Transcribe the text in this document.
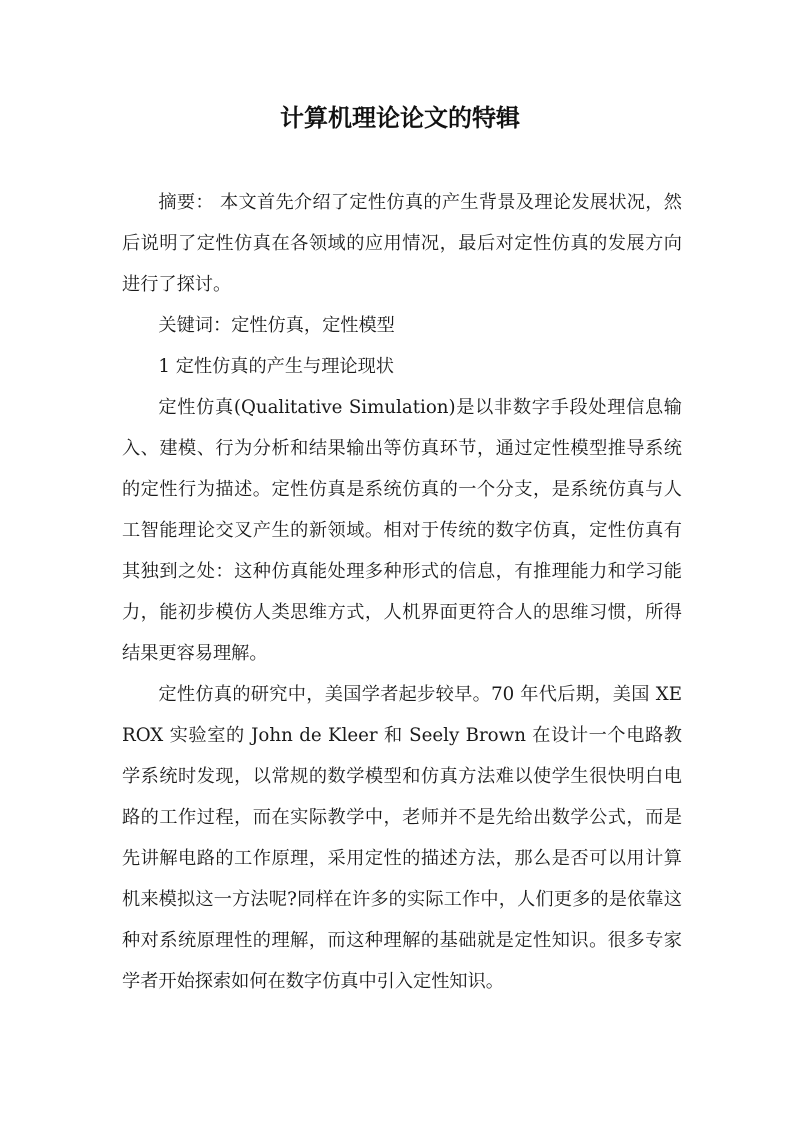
计算机理论论文的特辑

摘要： 本文首先介绍了定性仿真的产生背景及理论发展状况，然后说明了定性仿真在各领域的应用情况，最后对定性仿真的发展方向进行了探讨。

关键词：定性仿真，定性模型

1 定性仿真的产生与理论现状

定性仿真(Qualitative Simulation)是以非数字手段处理信息输入、建模、行为分析和结果输出等仿真环节，通过定性模型推导系统的定性行为描述。定性仿真是系统仿真的一个分支，是系统仿真与人工智能理论交叉产生的新领域。相对于传统的数字仿真，定性仿真有其独到之处：这种仿真能处理多种形式的信息，有推理能力和学习能力，能初步模仿人类思维方式，人机界面更符合人的思维习惯，所得结果更容易理解。

定性仿真的研究中，美国学者起步较早。70 年代后期，美国 XEROX 实验室的 John de Kleer 和 Seely Brown 在设计一个电路教学系统时发现，以常规的数学模型和仿真方法难以使学生很快明白电路的工作过程，而在实际教学中，老师并不是先给出数学公式，而是先讲解电路的工作原理，采用定性的描述方法，那么是否可以用计算机来模拟这一方法呢?同样在许多的实际工作中，人们更多的是依靠这种对系统原理性的理解，而这种理解的基础就是定性知识。很多专家学者开始探索如何在数字仿真中引入定性知识。
